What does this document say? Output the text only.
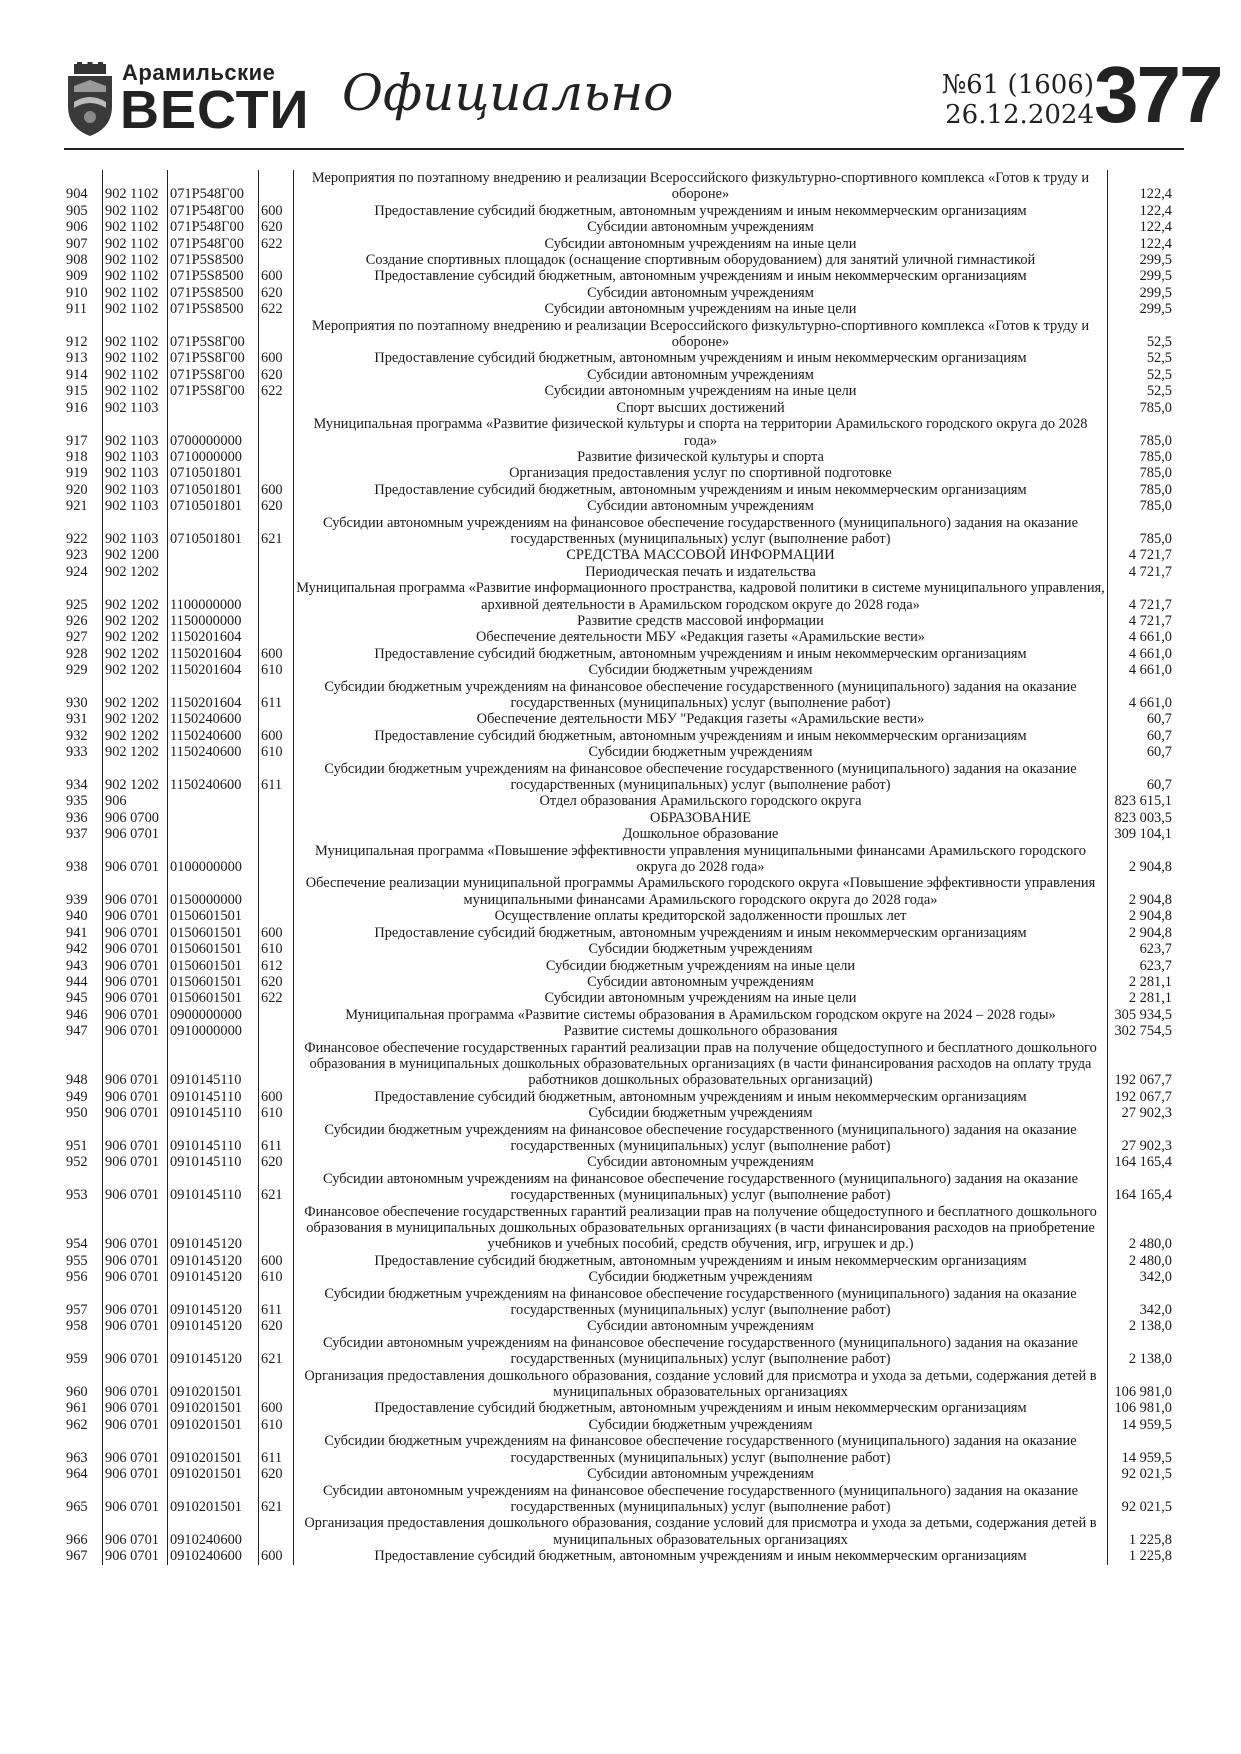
Арамильские
ВЕСТИ Официально	№61 (1606)
26.12.2024 377
904	902 1102	071P548Г00		Мероприятия по поэтапному внедрению и реализации Всероссийского физкультурно-спортивного комплекса «Готов к труду и обороне»	122,4
905	902 1102	071P548Г00	600	Предоставление субсидий бюджетным, автономным учреждениям и иным некоммерческим организациям	122,4
906	902 1102	071P548Г00	620	Субсидии автономным учреждениям	122,4
907	902 1102	071P548Г00	622	Субсидии автономным учреждениям на иные цели	122,4
908	902 1102	071P5S8500		Создание спортивных площадок (оснащение спортивным оборудованием) для занятий уличной гимнастикой	299,5
909	902 1102	071P5S8500	600	Предоставление субсидий бюджетным, автономным учреждениям и иным некоммерческим организациям	299,5
910	902 1102	071P5S8500	620	Субсидии автономным учреждениям	299,5
911	902 1102	071P5S8500	622	Субсидии автономным учреждениям на иные цели	299,5
912	902 1102	071P5S8Г00		Мероприятия по поэтапному внедрению и реализации Всероссийского физкультурно-спортивного комплекса «Готов к труду и обороне»	52,5
913	902 1102	071P5S8Г00	600	Предоставление субсидий бюджетным, автономным учреждениям и иным некоммерческим организациям	52,5
914	902 1102	071P5S8Г00	620	Субсидии автономным учреждениям	52,5
915	902 1102	071P5S8Г00	622	Субсидии автономным учреждениям на иные цели	52,5
916	902 1103			Спорт высших достижений	785,0
917	902 1103	0700000000		Муниципальная программа «Развитие физической культуры и спорта на территории Арамильского городского округа до 2028 года»	785,0
918	902 1103	0710000000		Развитие физической культуры и спорта	785,0
919	902 1103	0710501801		Организация предоставления услуг по спортивной подготовке	785,0
920	902 1103	0710501801	600	Предоставление субсидий бюджетным, автономным учреждениям и иным некоммерческим организациям	785,0
921	902 1103	0710501801	620	Субсидии автономным учреждениям	785,0
922	902 1103	0710501801	621	Субсидии автономным учреждениям на финансовое обеспечение государственного (муниципального) задания на оказание государственных (муниципальных) услуг (выполнение работ)	785,0
923	902 1200			СРЕДСТВА МАССОВОЙ ИНФОРМАЦИИ	4 721,7
924	902 1202			Периодическая печать и издательства	4 721,7
925	902 1202	1100000000		Муниципальная программа «Развитие информационного пространства, кадровой политики в системе муниципального управления, архивной деятельности в Арамильском городском округе до 2028 года»	4 721,7
926	902 1202	1150000000		Развитие средств массовой информации	4 721,7
927	902 1202	1150201604		Обеспечение деятельности МБУ «Редакция газеты «Арамильские вести»	4 661,0
928	902 1202	1150201604	600	Предоставление субсидий бюджетным, автономным учреждениям и иным некоммерческим организациям	4 661,0
929	902 1202	1150201604	610	Субсидии бюджетным учреждениям	4 661,0
930	902 1202	1150201604	611	Субсидии бюджетным учреждениям на финансовое обеспечение государственного (муниципального) задания на оказание государственных (муниципальных) услуг (выполнение работ)	4 661,0
931	902 1202	1150240600		Обеспечение деятельности МБУ "Редакция газеты «Арамильские вести»	60,7
932	902 1202	1150240600	600	Предоставление субсидий бюджетным, автономным учреждениям и иным некоммерческим организациям	60,7
933	902 1202	1150240600	610	Субсидии бюджетным учреждениям	60,7
934	902 1202	1150240600	611	Субсидии бюджетным учреждениям на финансовое обеспечение государственного (муниципального) задания на оказание государственных (муниципальных) услуг (выполнение работ)	60,7
935	906			Отдел образования Арамильского городского округа	823 615,1
936	906 0700			ОБРАЗОВАНИЕ	823 003,5
937	906 0701			Дошкольное образование	309 104,1
938	906 0701	0100000000		Муниципальная программа «Повышение эффективности управления муниципальными финансами Арамильского городского округа до 2028 года»	2 904,8
939	906 0701	0150000000		Обеспечение реализации муниципальной программы Арамильского городского округа «Повышение эффективности управления муниципальными финансами Арамильского городского округа до 2028 года»	2 904,8
940	906 0701	0150601501		Осуществление оплаты кредиторской задолженности прошлых лет	2 904,8
941	906 0701	0150601501	600	Предоставление субсидий бюджетным, автономным учреждениям и иным некоммерческим организациям	2 904,8
942	906 0701	0150601501	610	Субсидии бюджетным учреждениям	623,7
943	906 0701	0150601501	612	Субсидии бюджетным учреждениям на иные цели	623,7
944	906 0701	0150601501	620	Субсидии автономным учреждениям	2 281,1
945	906 0701	0150601501	622	Субсидии автономным учреждениям на иные цели	2 281,1
946	906 0701	0900000000		Муниципальная программа «Развитие системы образования в Арамильском городском округе на 2024 – 2028 годы»	305 934,5
947	906 0701	0910000000		Развитие системы дошкольного образования	302 754,5
948	906 0701	0910145110		Финансовое обеспечение государственных гарантий реализации прав на получение общедоступного и бесплатного дошкольного образования в муниципальных дошкольных образовательных организациях (в части финансирования расходов на оплату труда работников дошкольных образовательных организаций)	192 067,7
949	906 0701	0910145110	600	Предоставление субсидий бюджетным, автономным учреждениям и иным некоммерческим организациям	192 067,7
950	906 0701	0910145110	610	Субсидии бюджетным учреждениям	27 902,3
951	906 0701	0910145110	611	Субсидии бюджетным учреждениям на финансовое обеспечение государственного (муниципального) задания на оказание государственных (муниципальных) услуг (выполнение работ)	27 902,3
952	906 0701	0910145110	620	Субсидии автономным учреждениям	164 165,4
953	906 0701	0910145110	621	Субсидии автономным учреждениям на финансовое обеспечение государственного (муниципального) задания на оказание государственных (муниципальных) услуг (выполнение работ)	164 165,4
954	906 0701	0910145120		Финансовое обеспечение государственных гарантий реализации прав на получение общедоступного и бесплатного дошкольного образования в муниципальных дошкольных образовательных организациях (в части финансирования расходов на приобретение учебников и учебных пособий, средств обучения, игр, игрушек и др.)	2 480,0
955	906 0701	0910145120	600	Предоставление субсидий бюджетным, автономным учреждениям и иным некоммерческим организациям	2 480,0
956	906 0701	0910145120	610	Субсидии бюджетным учреждениям	342,0
957	906 0701	0910145120	611	Субсидии бюджетным учреждениям на финансовое обеспечение государственного (муниципального) задания на оказание государственных (муниципальных) услуг (выполнение работ)	342,0
958	906 0701	0910145120	620	Субсидии автономным учреждениям	2 138,0
959	906 0701	0910145120	621	Субсидии автономным учреждениям на финансовое обеспечение государственного (муниципального) задания на оказание государственных (муниципальных) услуг (выполнение работ)	2 138,0
960	906 0701	0910201501		Организация предоставления дошкольного образования, создание условий для присмотра и ухода за детьми, содержания детей в муниципальных образовательных организациях	106 981,0
961	906 0701	0910201501	600	Предоставление субсидий бюджетным, автономным учреждениям и иным некоммерческим организациям	106 981,0
962	906 0701	0910201501	610	Субсидии бюджетным учреждениям	14 959,5
963	906 0701	0910201501	611	Субсидии бюджетным учреждениям на финансовое обеспечение государственного (муниципального) задания на оказание государственных (муниципальных) услуг (выполнение работ)	14 959,5
964	906 0701	0910201501	620	Субсидии автономным учреждениям	92 021,5
965	906 0701	0910201501	621	Субсидии автономным учреждениям на финансовое обеспечение государственного (муниципального) задания на оказание государственных (муниципальных) услуг (выполнение работ)	92 021,5
966	906 0701	0910240600		Организация предоставления дошкольного образования, создание условий для присмотра и ухода за детьми, содержания детей в муниципальных образовательных организациях	1 225,8
967	906 0701	0910240600	600	Предоставление субсидий бюджетным, автономным учреждениям и иным некоммерческим организациям	1 225,8
